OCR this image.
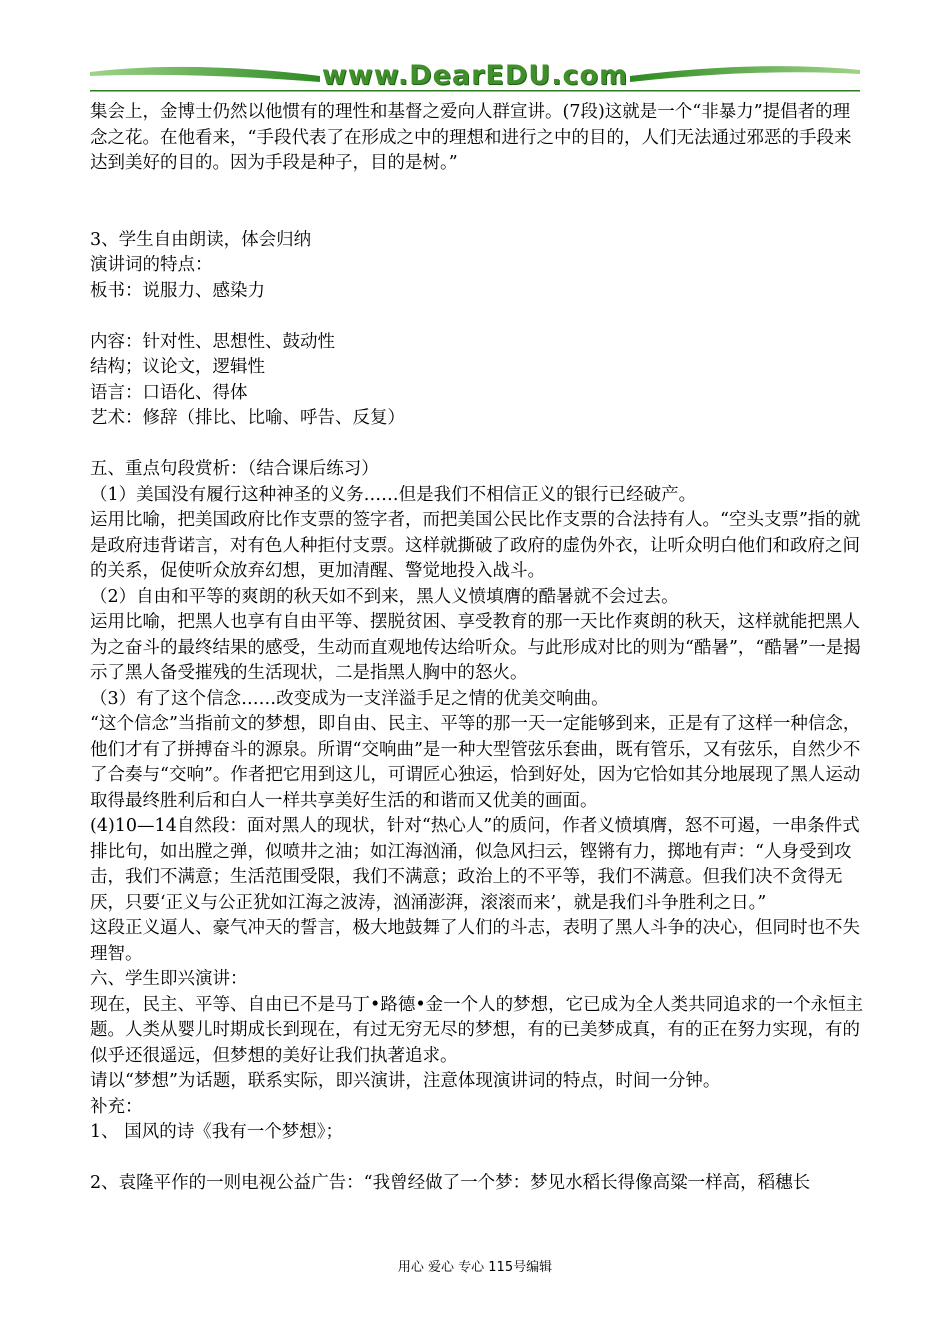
www.DearEDU.com

集会上，金博士仍然以他惯有的理性和基督之爱向人群宣讲。(7段)这就是一个“非暴力”提倡者的理念之花。在他看来，“手段代表了在形成之中的理想和进行之中的目的，人们无法通过邪恶的手段来达到美好的目的。因为手段是种子，目的是树。”

3、学生自由朗读，体会归纳

演讲词的特点：

板书：说服力、感染力

内容：针对性、思想性、鼓动性

结构；议论文，逻辑性

语言：口语化、得体

艺术：修辞（排比、比喻、呼告、反复）

五、重点句段赏析：（结合课后练习）

（1）美国没有履行这种神圣的义务……但是我们不相信正义的银行已经破产。

运用比喻，把美国政府比作支票的签字者，而把美国公民比作支票的合法持有人。“空头支票”指的就是政府违背诺言，对有色人种拒付支票。这样就撕破了政府的虚伪外衣，让听众明白他们和政府之间的关系，促使听众放弃幻想，更加清醒、警觉地投入战斗。

（2）自由和平等的爽朗的秋天如不到来，黑人义愤填膺的酷暑就不会过去。

运用比喻，把黑人也享有自由平等、摆脱贫困、享受教育的那一天比作爽朗的秋天，这样就能把黑人为之奋斗的最终结果的感受，生动而直观地传达给听众。与此形成对比的则为“酷暑”，“酷暑”一是揭示了黑人备受摧残的生活现状，二是指黑人胸中的怒火。

（3）有了这个信念……改变成为一支洋溢手足之情的优美交响曲。

“这个信念”当指前文的梦想，即自由、民主、平等的那一天一定能够到来，正是有了这样一种信念，他们才有了拼搏奋斗的源泉。所谓“交响曲”是一种大型管弦乐套曲，既有管乐，又有弦乐，自然少不了合奏与“交响”。作者把它用到这儿，可谓匠心独运，恰到好处，因为它恰如其分地展现了黑人运动取得最终胜利后和白人一样共享美好生活的和谐而又优美的画面。

(4)10—14自然段：面对黑人的现状，针对“热心人”的质问，作者义愤填膺，怒不可遏，一串条件式排比句，如出膛之弹，似喷井之油；如江海汹涌，似急风扫云，铿锵有力，掷地有声：“人身受到攻击，我们不满意；生活范围受限，我们不满意；政治上的不平等，我们不满意。但我们决不贪得无厌，只要‘正义与公正犹如江海之波涛，汹涌澎湃，滚滚而来’，就是我们斗争胜利之日。”

这段正义逼人、豪气冲天的誓言，极大地鼓舞了人们的斗志，表明了黑人斗争的决心，但同时也不失理智。

六、学生即兴演讲：

现在，民主、平等、自由已不是马丁•路德•金一个人的梦想，它已成为全人类共同追求的一个永恒主题。人类从婴儿时期成长到现在，有过无穷无尽的梦想，有的已美梦成真，有的正在努力实现，有的似乎还很遥远，但梦想的美好让我们执著追求。

请以“梦想”为话题，联系实际，即兴演讲，注意体现演讲词的特点，时间一分钟。

补充：

1、 国风的诗《我有一个梦想》；

2、袁隆平作的一则电视公益广告：“我曾经做了一个梦：梦见水稻长得像高粱一样高，稻穗长

用心 爱心 专心 115号编辑
